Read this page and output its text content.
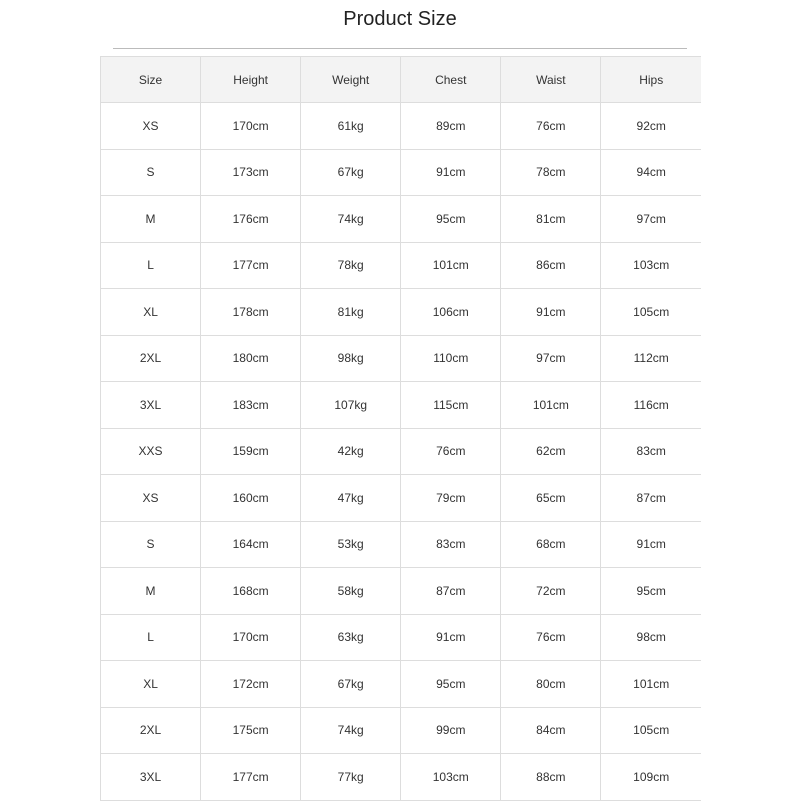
Product Size
Size	Height	Weight	Chest	Waist	Hips
XS	170cm	61kg	89cm	76cm	92cm
S	173cm	67kg	91cm	78cm	94cm
M	176cm	74kg	95cm	81cm	97cm
L	177cm	78kg	101cm	86cm	103cm
XL	178cm	81kg	106cm	91cm	105cm
2XL	180cm	98kg	110cm	97cm	112cm
3XL	183cm	107kg	115cm	101cm	116cm
XXS	159cm	42kg	76cm	62cm	83cm
XS	160cm	47kg	79cm	65cm	87cm
S	164cm	53kg	83cm	68cm	91cm
M	168cm	58kg	87cm	72cm	95cm
L	170cm	63kg	91cm	76cm	98cm
XL	172cm	67kg	95cm	80cm	101cm
2XL	175cm	74kg	99cm	84cm	105cm
3XL	177cm	77kg	103cm	88cm	109cm
